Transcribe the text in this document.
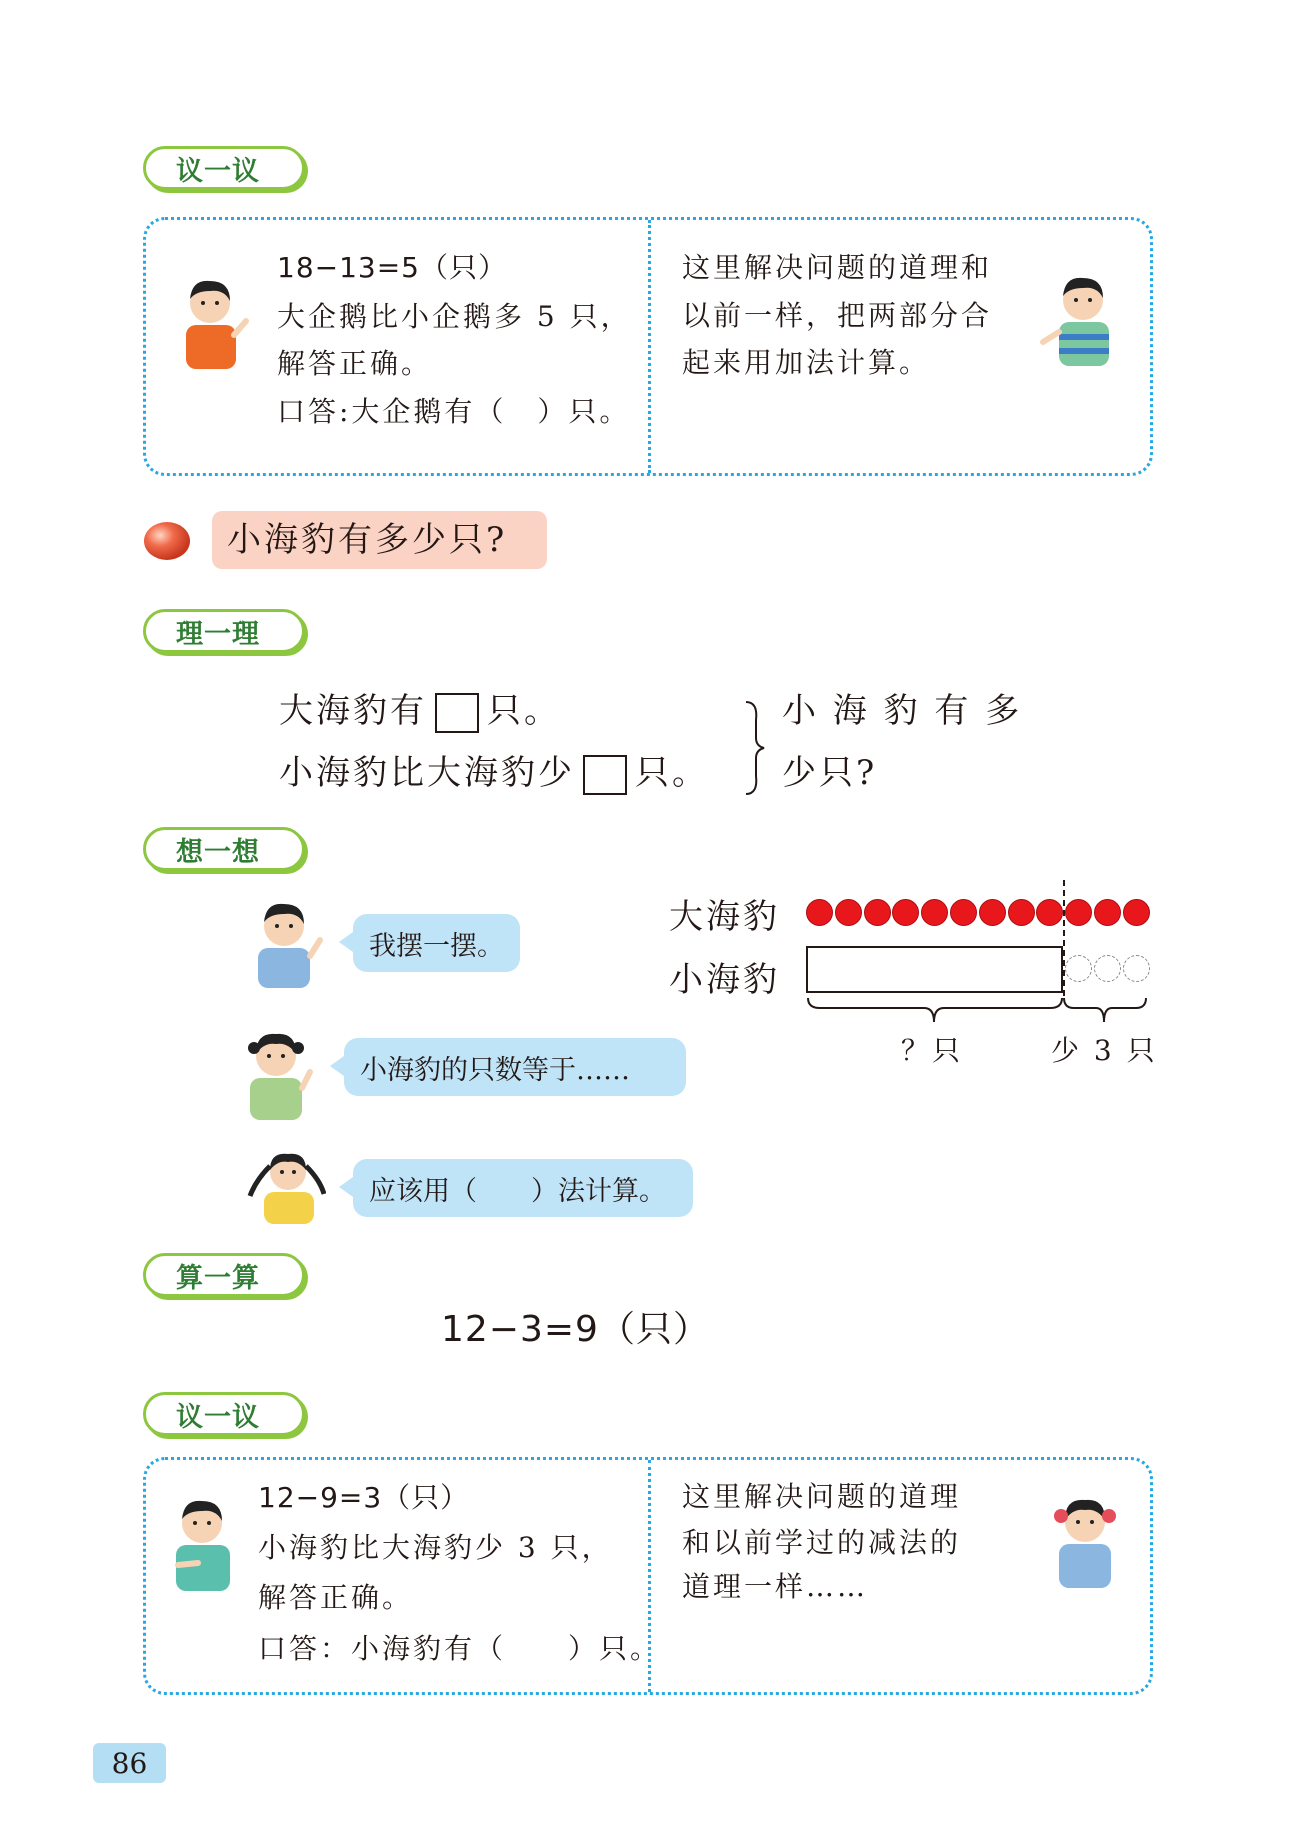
议一议
18−13=5（只）
大企鹅比小企鹅多 5 只，
解答正确。
口答:大企鹅有（　）只。
这里解决问题的道理和
以前一样，把两部分合
起来用加法计算。
小海豹有多少只?
理一理
大海豹有 只。
小海豹比大海豹少 只。
小 海 豹 有 多
少只?
想一想
我摆一摆。
小海豹的只数等于……
应该用（　　）法计算。
大海豹
小海豹
？只	少 3 只
算一算
12−3=9（只）
议一议
12−9=3（只）
小海豹比大海豹少 3 只，
解答正确。
口答：小海豹有（　　）只。
这里解决问题的道理
和以前学过的减法的
道理一样……
86
